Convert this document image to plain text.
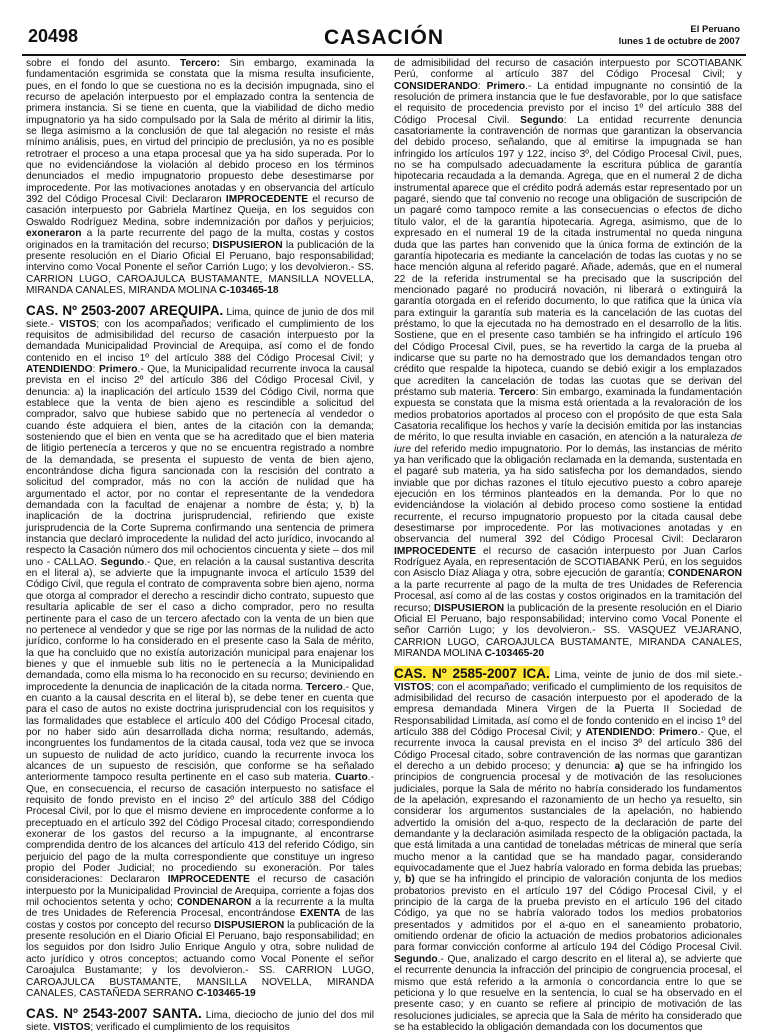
20498	CASACIÓN	El Peruano
lunes 1 de octubre de 2007

sobre el fondo del asunto. Tercero: Sin embargo, examinada la fundamentación esgrimida se constata que la misma resulta insuficiente, pues, en el fondo lo que se cuestiona no es la decisión impugnada, sino el recurso de apelación interpuesto por el emplazado contra la sentencia de primera instancia. Si se tiene en cuenta, que la viabilidad de dicho medio impugnatorio ya ha sido compulsado por la Sala de mérito al dirimir la litis, se llega asimismo a la conclusión de que tal alegación no resiste el más mínimo análisis, pues, en virtud del principio de preclusión, ya no es posible retrotraer el proceso a una etapa procesal que ya ha sido superada. Por lo que no evidenciándose la violación al debido proceso en los términos denunciados el medio impugnatorio propuesto debe desestimarse por improcedente. Por las motivaciones anotadas y en observancia del artículo 392 del Código Procesal Civil: Declararon IMPROCEDENTE el recurso de casación interpuesto por Gabriela Martínez Queija, en los seguidos con Oswaldo Rodríguez Medina, sobre indemnización por daños y perjuicios; exoneraron a la parte recurrente del pago de la multa, costas y costos originados en la tramitación del recurso; DISPUSIERON la publicación de la presente resolución en el Diario Oficial El Peruano, bajo responsabilidad; intervino como Vocal Ponente el señor Carrión Lugo; y los devolvieron.- SS. CARRION LUGO, CAROAJULCA BUSTAMANTE, MANSILLA NOVELLA, MIRANDA CANALES, MIRANDA MOLINA C-103465-18

CAS. Nº 2503-2007 AREQUIPA. Lima, quince de junio de dos mil siete.- VISTOS; con los acompañados; verificado el cumplimiento de los requisitos de admisibilidad del recurso de casación interpuesto por la demandada Municipalidad Provincial de Arequipa, así como el de fondo contenido en el inciso 1º del artículo 388 del Código Procesal Civil; y ATENDIENDO: Primero.- Que, la Municipalidad recurrente invoca la causal prevista en el inciso 2º del artículo 386 del Código Procesal Civil, y denuncia: a) la inaplicación del artículo 1539 del Código Civil, norma que establece que la venta de bien ajeno es rescindible a solicitud del comprador, salvo que hubiese sabido que no pertenecía al vendedor o cuando éste adquiera el bien, antes de la citación con la demanda; sosteniendo que el bien en venta que se ha acreditado que el bien materia de litigio pertenecía a terceros y que no se encuentra registrado a nombre de la demandada, se presenta el supuesto de venta de bien ajeno, encontrándose dicha figura sancionada con la rescisión del contrato a solicitud del comprador, más no con la acción de nulidad que ha argumentado el actor, por no contar el representante de la vendedora demandada con la facultad de enajenar a nombre de ésta; y, b) la inaplicación de la doctrina jurisprudencial, refiriendo que existe jurisprudencia de la Corte Suprema confirmando una sentencia de primera instancia que declaró improcedente la nulidad del acto jurídico, invocando al respecto la Casación número dos mil ochocientos cincuenta y siete – dos mil uno - CALLAO. Segundo.- Que, en relación a la causal sustantiva descrita en el literal a), se advierte que la impugnante invoca el artículo 1539 del Código Civil, que regula el contrato de compraventa sobre bien ajeno, norma que otorga al comprador el derecho a rescindir dicho contrato, supuesto que resultaría aplicable de ser el caso a dicho comprador, pero no resulta pertinente para el caso de un tercero afectado con la venta de un bien que no pertenece al vendedor y que se rige por las normas de la nulidad de acto jurídico, conforme lo ha considerado en el presente caso la Sala de mérito, la que ha concluido que no existía autorización municipal para enajenar los bienes y que el inmueble sub litis no le pertenecía a la Municipalidad demandada, como ella misma lo ha reconocido en su recurso; deviniendo en improcedente la denuncia de inaplicación de la citada norma. Tercero.- Que, en cuanto a la causal descrita en el literal b), se debe tener en cuenta que para el caso de autos no existe doctrina jurisprudencial con los requisitos y las formalidades que establece el artículo 400 del Código Procesal citado, por no haber sido aún desarrollada dicha norma; resultando, además, incongruentes los fundamentos de la citada causal, toda vez que se invoca un supuesto de nulidad de acto jurídico, cuando la recurrente invoca los alcances de un supuesto de rescisión, que conforme se ha señalado anteriormente tampoco resulta pertinente en el caso sub materia. Cuarto.- Que, en consecuencia, el recurso de casación interpuesto no satisface el requisito de fondo previsto en el inciso 2º del artículo 388 del Código Procesal Civil, por lo que el mismo deviene en improcedente conforme a lo preceptuado en el artículo 392 del Código Procesal citado; correspondiendo exonerar de los gastos del recurso a la impugnante, al encontrarse comprendida dentro de los alcances del artículo 413 del referido Código, sin perjuicio del pago de la multa correspondiente que constituye un ingreso propio del Poder Judicial; no procediendo su exoneración. Por tales consideraciones: Declararon IMPROCEDENTE el recurso de casación interpuesto por la Municipalidad Provincial de Arequipa, corriente a fojas dos mil ochocientos setenta y ocho; CONDENARON a la recurrente a la multa de tres Unidades de Referencia Procesal, encontrándose EXENTA de las costas y costos por concepto del recurso DISPUSIERON la publicación de la presente resolución en el Diario Oficial El Peruano, bajo responsabilidad; en los seguidos por don Isidro Julio Enrique Angulo y otra, sobre nulidad de acto jurídico y otros conceptos; actuando como Vocal Ponente el señor Caroajulca Bustamante; y los devolvieron.- SS. CARRION LUGO, CAROAJULCA BUSTAMANTE, MANSILLA NOVELLA, MIRANDA CANALES, CASTAÑEDA SERRANO C-103465-19

CAS. Nº 2543-2007 SANTA. Lima, dieciocho de junio del dos mil siete. VISTOS; verificado el cumplimiento de los requisitos

de admisibilidad del recurso de casación interpuesto por SCOTIABANK Perú, conforme al artículo 387 del Código Procesal Civil; y CONSIDERANDO: Primero.- La entidad impugnante no consintió de la resolución de primera instancia que le fue desfavorable, por lo que satisface el requisito de procedencia previsto por el inciso 1º del artículo 388 del Código Procesal Civil. Segundo: La entidad recurrente denuncia casatoriamente la contravención de normas que garantizan la observancia del debido proceso, señalando, que al emitirse la impugnada se han infringido los artículos 197 y 122, inciso 3º, del Código Procesal Civil, pues, no se ha compulsado adecuadamente la escritura pública de garantía hipotecaria recaudada a la demanda. Agrega, que en el numeral 2 de dicha instrumental aparece que el crédito podrá además estar representado por un pagaré, siendo que tal convenio no recoge una obligación de suscripción de un pagaré como tampoco remite a las consecuencias o efectos de dicho título valor, el de la garantía hipotecaria. Agrega, asimismo, que de lo expresado en el numeral 19 de la citada instrumental no queda ninguna duda que las partes han convenido que la única forma de extinción de la garantía hipotecaria es mediante la cancelación de todas las cuotas y no se hace mención alguna al referido pagaré. Añade, además, que en el numeral 22 de la referida instrumental se ha precisado que la suscripción del mencionado pagaré no producirá novación, ni liberará o extinguirá la garantía otorgada en el referido documento, lo que ratifica que la única vía para extinguir la garantía sub materia es la cancelación de las cuotas del préstamo, lo que la ejecutada no ha demostrado en el desarrollo de la litis. Sostiene, que en el presente caso también se ha infringido el artículo 196 del Código Procesal Civil, pues, se ha revertido la carga de la prueba al indicarse que su parte no ha demostrado que los demandados tengan otro crédito que respalde la hipoteca, cuando se debió exigir a los emplazados que acrediten la cancelación de todas las cuotas que se derivan del préstamo sub materia. Tercero: Sin embargo, examinada la fundamentación expuesta se constata que la misma está orientada a la revaloración de los medios probatorios aportados al proceso con el propósito de que esta Sala Casatoria recalifique los hechos y varíe la decisión emitida por las instancias de mérito, lo que resulta inviable en casación, en atención a la naturaleza de iure del referido medio impugnatorio. Por lo demás, las instancias de mérito ya han verificado que la obligación reclamada en la demanda, sustentada en el pagaré sub materia, ya ha sido satisfecha por los demandados, siendo inviable que por dichas razones el título ejecutivo puesto a cobro apareje ejecución en los términos planteados en la demanda. Por lo que no evidenciándose la violación al debido proceso como sostiene la entidad recurrente, el recurso impugnatorio propuesto por la citada causal debe desestimarse por improcedente. Por las motivaciones anotadas y en observancia del numeral 392 del Código Procesal Civil: Declararon IMPROCEDENTE el recurso de casación interpuesto por Juan Carlos Rodríguez Ayala, en representación de SCOTIABANK Perú, en los seguidos con Asisclo Díaz Aliaga y otra, sobre ejecución de garantía; CONDENARON a la parte recurrente al pago de la multa de tres Unidades de Referencia Procesal, así como al de las costas y costos originados en la tramitación del recurso; DISPUSIERON la publicación de la presente resolución en el Diario Oficial El Peruano, bajo responsabilidad; intervino como Vocal Ponente el señor Carrión Lugo; y los devolvieron.- SS. VASQUEZ VEJARANO, CARRION LUGO, CAROAJULCA BUSTAMANTE, MIRANDA CANALES, MIRANDA MOLINA C-103465-20

CAS. Nº 2585-2007 ICA. Lima, veinte de junio de dos mil siete.- VISTOS; con el acompañado; verificado el cumplimiento de los requisitos de admisibilidad del recurso de casación interpuesto por el apoderado de la empresa demandada Minera Virgen de la Puerta II Sociedad de Responsabilidad Limitada, así como el de fondo contenido en el inciso 1º del artículo 388 del Código Procesal Civil; y ATENDIENDO: Primero.- Que, el recurrente invoca la causal prevista en el inciso 3º del artículo 386 del Código Procesal citado, sobre contravención de las normas que garantizan el derecho a un debido proceso; y denuncia: a) que se ha infringido los principios de congruencia procesal y de motivación de las resoluciones judiciales, porque la Sala de mérito no habría considerado los fundamentos de la apelación, expresando el razonamiento de un hecho ya resuelto, sin considerar los argumentos sustanciales de la apelación, no habiendo advertido la omisión del a-quo, respecto de la declaración de parte del demandante y la declaración asimilada respecto de la obligación pactada, la que está limitada a una cantidad de toneladas métricas de mineral que sería mucho menor a la cantidad que se ha mandado pagar, considerando equivocadamente que el Juez habría valorado en forma debida las pruebas; y, b) que se ha infringido el principio de valoración conjunta de los medios probatorios previsto en el artículo 197 del Código Procesal Civil, y el principio de la carga de la prueba previsto en el artículo 196 del citado Código, ya que no se habría valorado todos los medios probatorios presentados y admitidos por el a-quo en el saneamiento probatorio, omitiendo ordenar de oficio la actuación de medios probatorios adicionales para formar convicción conforme al artículo 194 del Código Procesal Civil. Segundo.- Que, analizado el cargo descrito en el literal a), se advierte que el recurrente denuncia la infracción del principio de congruencia procesal, el mismo que está referido a la armonía o concordancia entre lo que se peticiona y lo que resuelve en la sentencia, lo cual se ha observado en el presente caso; y en cuanto se refiere al principio de motivación de las resoluciones judiciales, se aprecia que la Sala de mérito ha considerado que se ha establecido la obligación demandada con los documentos que
